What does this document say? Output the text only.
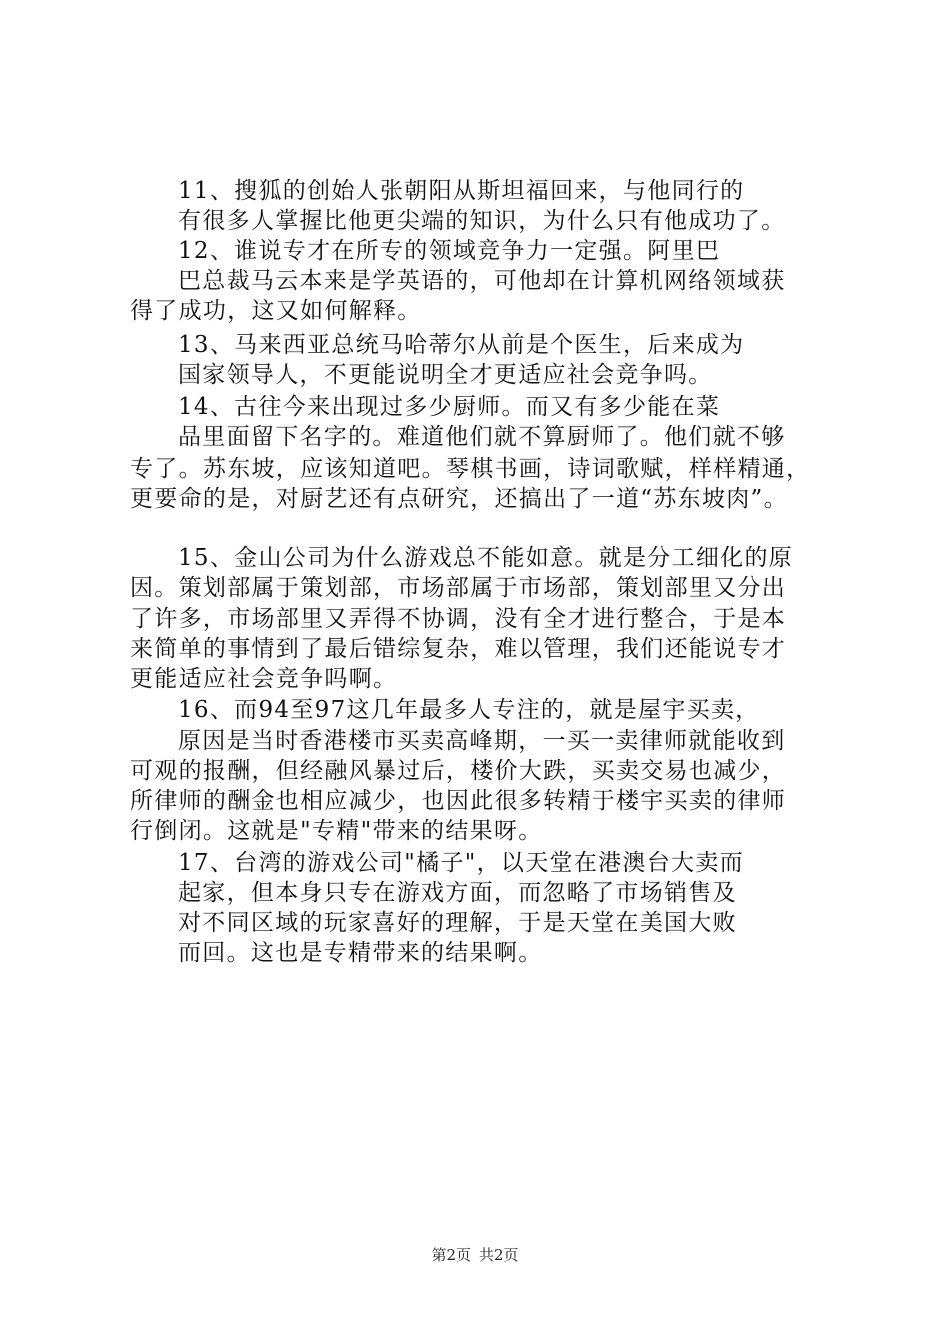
11、搜狐的创始人张朝阳从斯坦福回来，与他同行的
有很多人掌握比他更尖端的知识，为什么只有他成功了。
12、谁说专才在所专的领域竞争力一定强。阿里巴
巴总裁马云本来是学英语的，可他却在计算机网络领域获
得了成功，这又如何解释。
13、马来西亚总统马哈蒂尔从前是个医生，后来成为
国家领导人，不更能说明全才更适应社会竞争吗。
14、古往今来出现过多少厨师。而又有多少能在菜
品里面留下名字的。难道他们就不算厨师了。他们就不够
专了。苏东坡，应该知道吧。琴棋书画，诗词歌赋，样样精通，
更要命的是，对厨艺还有点研究，还搞出了一道“苏东坡肉”。
15、金山公司为什么游戏总不能如意。就是分工细化的原
因。策划部属于策划部，市场部属于市场部，策划部里又分出
了许多，市场部里又弄得不协调，没有全才进行整合，于是本
来简单的事情到了最后错综复杂，难以管理，我们还能说专才
更能适应社会竞争吗啊。
16、而94至97这几年最多人专注的，就是屋宇买卖，
原因是当时香港楼市买卖高峰期，一买一卖律师就能收到
可观的报酬，但经融风暴过后，楼价大跌，买卖交易也减少，
所律师的酬金也相应减少，也因此很多转精于楼宇买卖的律师
行倒闭。这就是"专精"带来的结果呀。
17、台湾的游戏公司"橘子"，以天堂在港澳台大卖而
起家，但本身只专在游戏方面，而忽略了市场销售及
对不同区域的玩家喜好的理解，于是天堂在美国大败
而回。这也是专精带来的结果啊。
第2页 共2页
